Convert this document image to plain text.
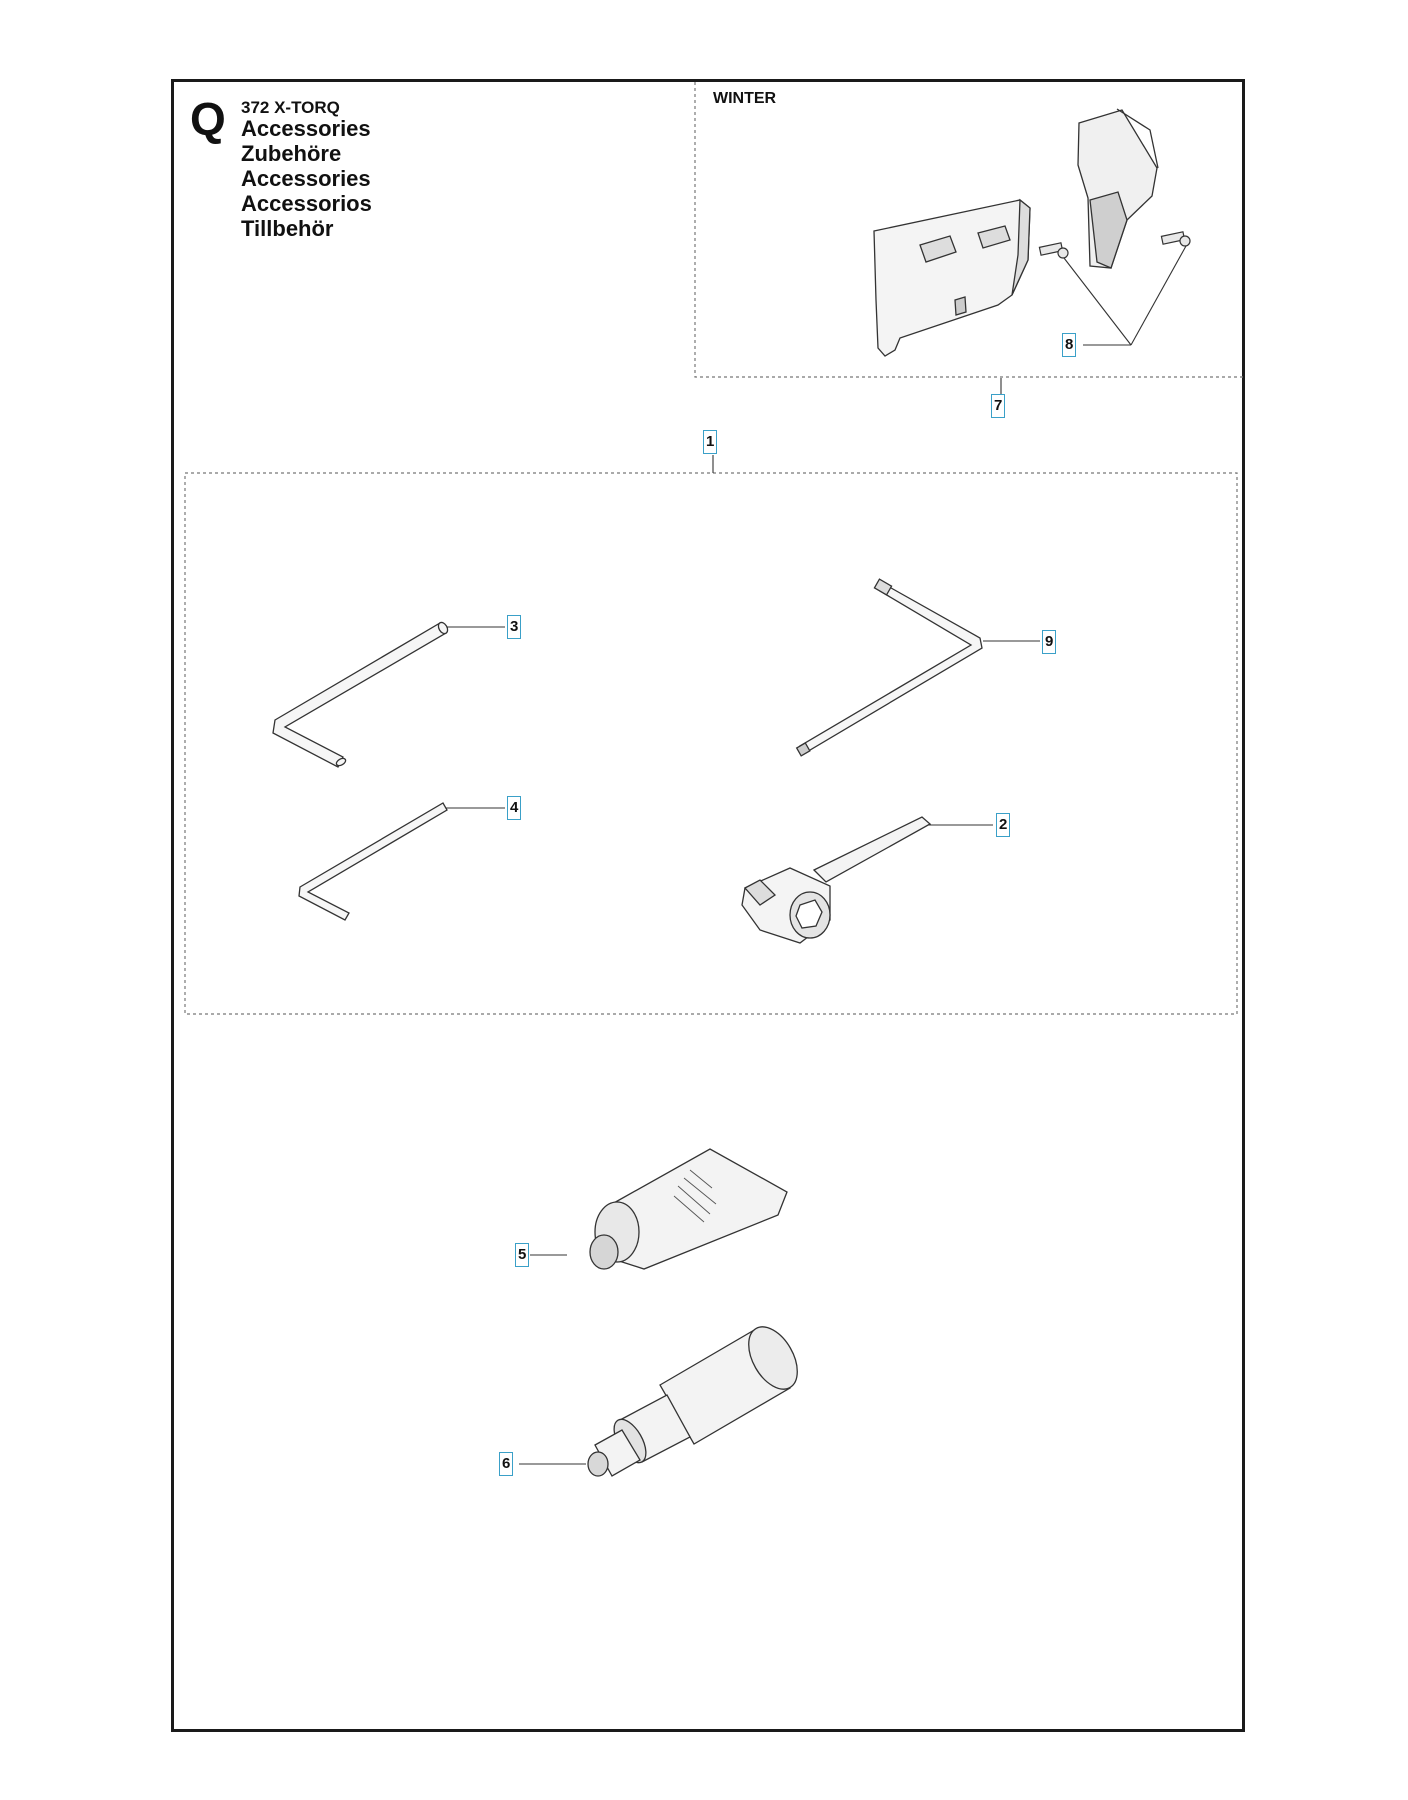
Q 372 X-TORQ
Accessories
Zubehöre
Accessories
Accessorios
Tillbehör
WINTER
8
7
1
3
9
4
2
5
6
